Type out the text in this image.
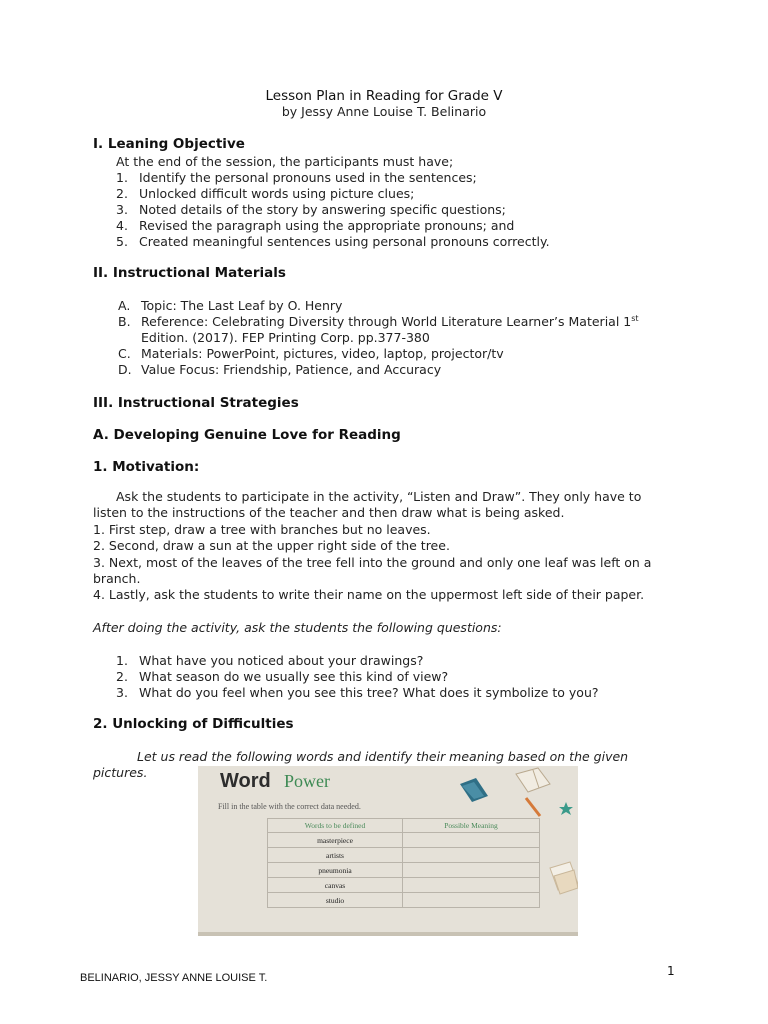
Lesson Plan in Reading for Grade V
by Jessy Anne Louise T. Belinario
I. Leaning Objective
At the end of the session, the participants must have;
1. Identify the personal pronouns used in the sentences;
2. Unlocked difficult words using picture clues;
3. Noted details of the story by answering specific questions;
4. Revised the paragraph using the appropriate pronouns; and
5. Created meaningful sentences using personal pronouns correctly.
II. Instructional Materials
A. Topic: The Last Leaf by O. Henry
B. Reference: Celebrating Diversity through World Literature Learner’s Material 1st
Edition. (2017). FEP Printing Corp. pp.377-380
C. Materials: PowerPoint, pictures, video, laptop, projector/tv
D. Value Focus: Friendship, Patience, and Accuracy
III. Instructional Strategies
A. Developing Genuine Love for Reading
1. Motivation:
Ask the students to participate in the activity, “Listen and Draw”. They only have to
listen to the instructions of the teacher and then draw what is being asked.
1. First step, draw a tree with branches but no leaves.
2. Second, draw a sun at the upper right side of the tree.
3. Next, most of the leaves of the tree fell into the ground and only one leaf was left on a
branch.
4. Lastly, ask the students to write their name on the uppermost left side of their paper.
After doing the activity, ask the students the following questions:
1. What have you noticed about your drawings?
2. What season do we usually see this kind of view?
3. What do you feel when you see this tree? What does it symbolize to you?
2. Unlocking of Difficulties
Let us read the following words and identify their meaning based on the given
pictures.	Word Power
Fill in the table with the correct data needed.
Words to be defined	Possible Meaning
masterpiece	
artists	
pneumonia	
canvas	
studio	
BELINARIO, JESSY ANNE LOUISE T.	1
